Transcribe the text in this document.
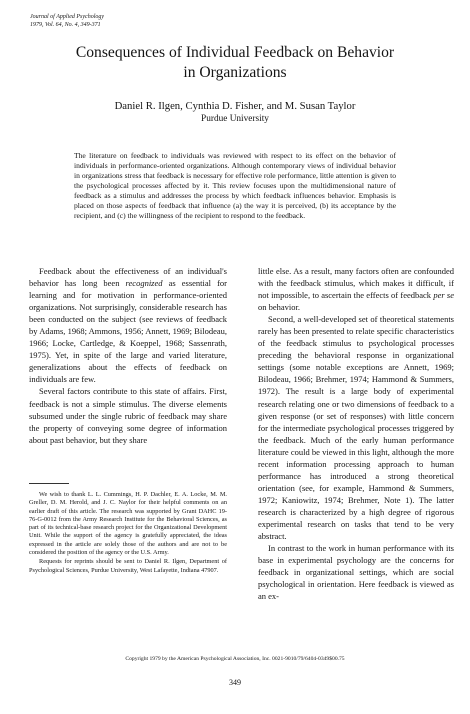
Journal of Applied Psychology
1979, Vol. 64, No. 4, 349-371
Consequences of Individual Feedback on Behavior
in Organizations
Daniel R. Ilgen, Cynthia D. Fisher, and M. Susan Taylor
Purdue University
The literature on feedback to individuals was reviewed with respect to its effect on the behavior of individuals in performance-oriented organizations. Although contemporary views of individual behavior in organizations stress that feedback is necessary for effective role performance, little attention is given to the psychological processes affected by it. This review focuses upon the multidimensional nature of feedback as a stimulus and addresses the process by which feedback influences behavior. Emphasis is placed on those aspects of feedback that influence (a) the way it is perceived, (b) its acceptance by the recipient, and (c) the willingness of the recipient to respond to the feedback.

Feedback about the effectiveness of an individual's behavior has long been recognized as essential for learning and for motivation in performance-oriented organizations. Not surprisingly, considerable research has been conducted on the subject (see reviews of feedback by Adams, 1968; Ammons, 1956; Annett, 1969; Bilodeau, 1966; Locke, Cartledge, & Koeppel, 1968; Sassenrath, 1975). Yet, in spite of the large and varied literature, generalizations about the effects of feedback on individuals are few.

Several factors contribute to this state of affairs. First, feedback is not a simple stimulus. The diverse elements subsumed under the single rubric of feedback may share the property of conveying some degree of information about past behavior, but they share

We wish to thank L. L. Cummings, H. P. Dachler, E. A. Locke, M. M. Greller, D. M. Herold, and J. C. Naylor for their helpful comments on an earlier draft of this article. The research was supported by Grant DAHC 19-76-G-0012 from the Army Research Institute for the Behavioral Sciences, as part of its technical-base research project for the Organizational Development Unit. While the support of the agency is gratefully appreciated, the ideas expressed in the article are solely those of the authors and are not to be considered the position of the agency or the U.S. Army.

Requests for reprints should be sent to Daniel R. Ilgen, Department of Psychological Sciences, Purdue University, West Lafayette, Indiana 47907.

little else. As a result, many factors often are confounded with the feedback stimulus, which makes it difficult, if not impossible, to ascertain the effects of feedback per se on behavior.

Second, a well-developed set of theoretical statements rarely has been presented to relate specific characteristics of the feedback stimulus to psychological processes preceding the behavioral response in organizational settings (some notable exceptions are Annett, 1969; Bilodeau, 1966; Brehmer, 1974; Hammond & Summers, 1972). The result is a large body of experimental research relating one or two dimensions of feedback to a given response (or set of responses) with little concern for the intermediate psychological processes triggered by the feedback. Much of the early human performance literature could be viewed in this light, although the more recent information processing approach to human performance has introduced a strong theoretical orientation (see, for example, Hammond & Summers, 1972; Kaniowitz, 1974; Brehmer, Note 1). The latter research is characterized by a high degree of rigorous experimental research on tasks that tend to be very abstract.

In contrast to the work in human performance with its base in experimental psychology are the concerns for feedback in organizational settings, which are social psychological in orientation. Here feedback is viewed as an ex-

Copyright 1979 by the American Psychological Association, Inc. 0021-9010/79/6404-0349$00.75
349
